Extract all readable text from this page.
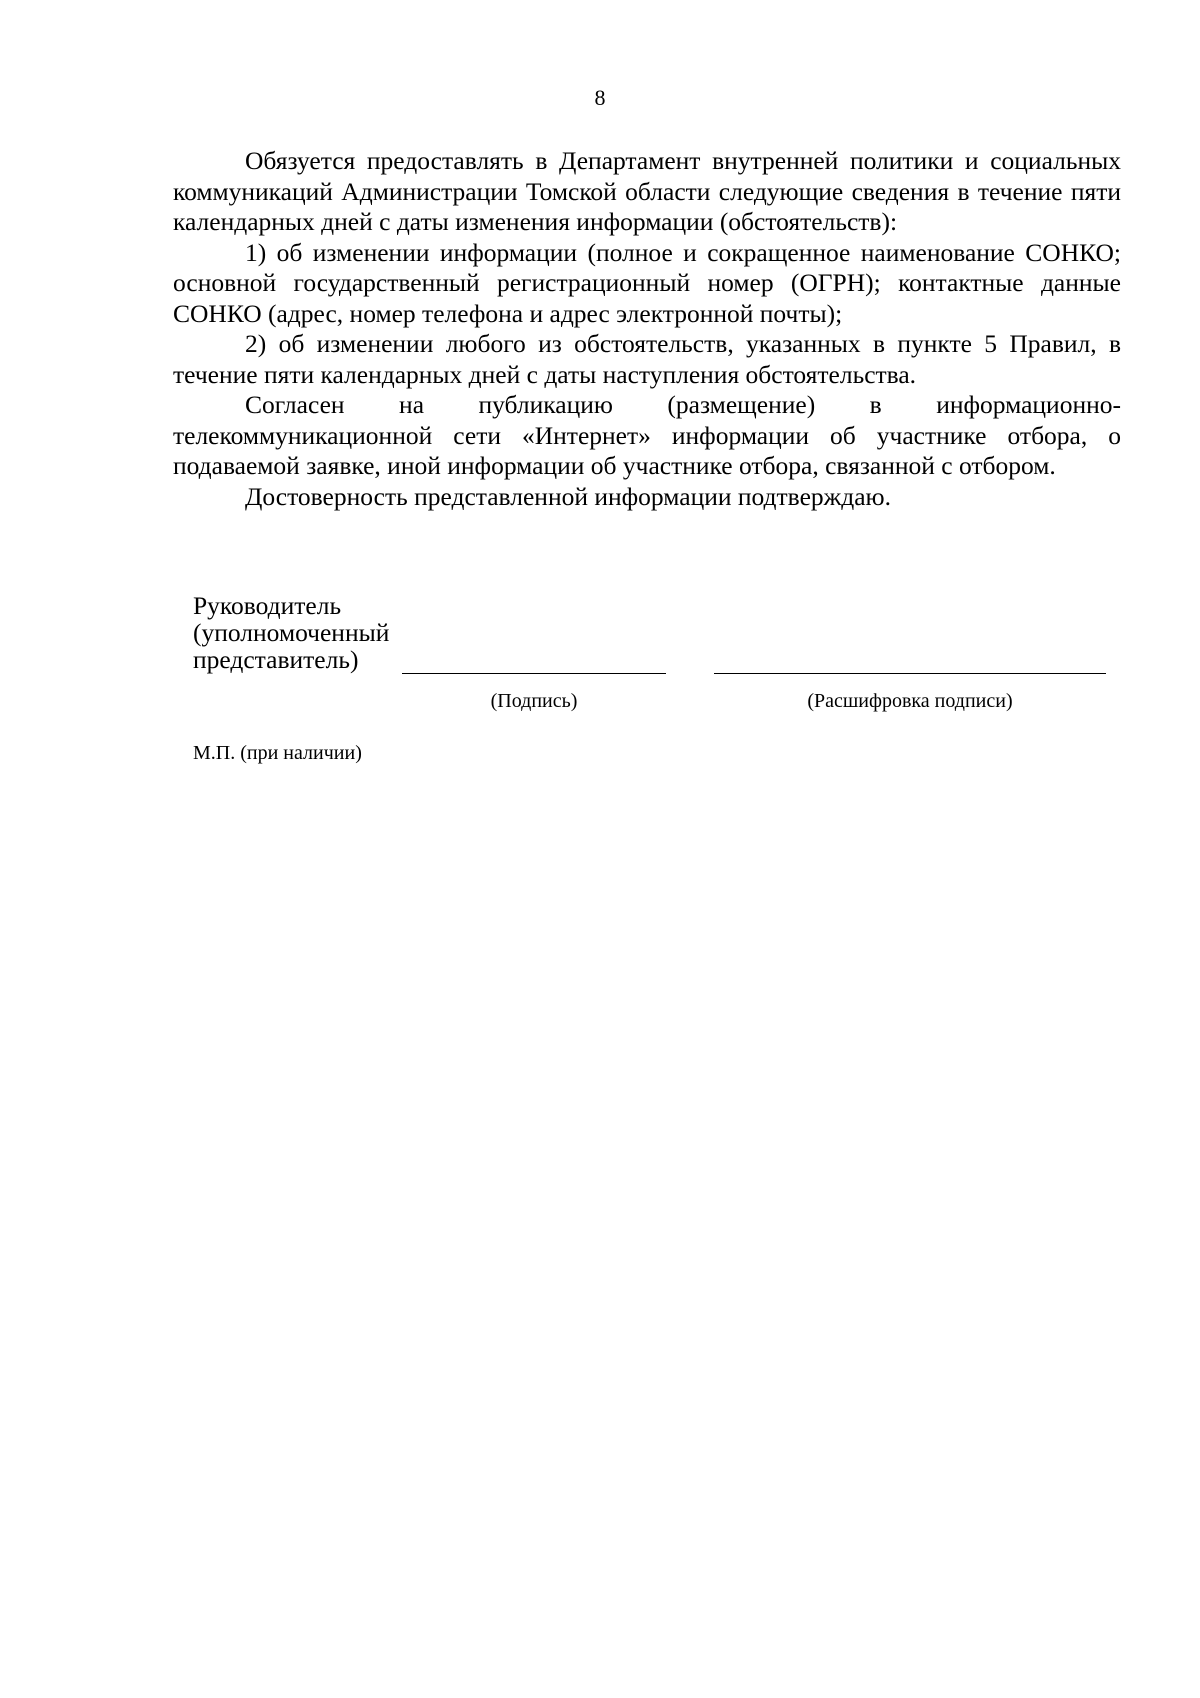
8

Обязуется предоставлять в Департамент внутренней политики и социальных коммуникаций Администрации Томской области следующие сведения в течение пяти календарных дней с даты изменения информации (обстоятельств):

1) об изменении информации (полное и сокращенное наименование СОНКО; основной государственный регистрационный номер (ОГРН); контактные данные СОНКО (адрес, номер телефона и адрес электронной почты);

2) об изменении любого из обстоятельств, указанных в пункте 5 Правил, в течение пяти календарных дней с даты наступления обстоятельства.

Согласен на публикацию (размещение) в информационно-телекоммуникационной сети «Интернет» информации об участнике отбора, о подаваемой заявке, иной информации об участнике отбора, связанной с отбором.

Достоверность представленной информации подтверждаю.

Руководитель
(уполномоченный
представитель)
(Подпись)	(Расшифровка подписи)
М.П. (при наличии)
